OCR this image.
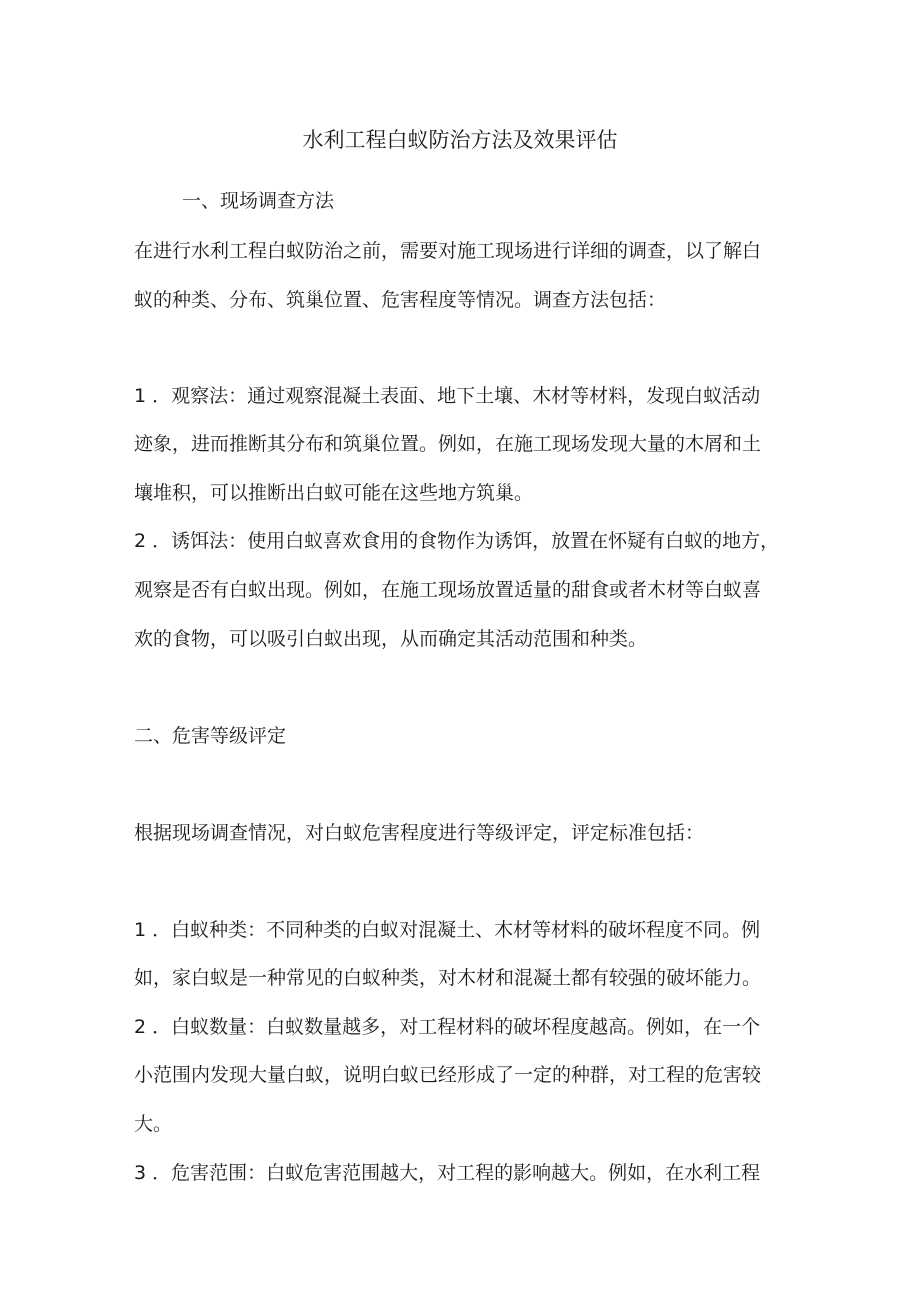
水利工程白蚁防治方法及效果评估
一、现场调查方法
在进行水利工程白蚁防治之前，需要对施工现场进行详细的调查，以了解白
蚁的种类、分布、筑巢位置、危害程度等情况。调查方法包括：
1 ．观察法：通过观察混凝土表面、地下土壤、木材等材料，发现白蚁活动
迹象，进而推断其分布和筑巢位置。例如，在施工现场发现大量的木屑和土
壤堆积，可以推断出白蚁可能在这些地方筑巢。
2 ．诱饵法：使用白蚁喜欢食用的食物作为诱饵，放置在怀疑有白蚁的地方，
观察是否有白蚁出现。例如，在施工现场放置适量的甜食或者木材等白蚁喜
欢的食物，可以吸引白蚁出现，从而确定其活动范围和种类。
二、危害等级评定
根据现场调查情况，对白蚁危害程度进行等级评定，评定标准包括：
1 ．白蚁种类：不同种类的白蚁对混凝土、木材等材料的破坏程度不同。例
如，家白蚁是一种常见的白蚁种类，对木材和混凝土都有较强的破坏能力。
2 ．白蚁数量：白蚁数量越多，对工程材料的破坏程度越高。例如，在一个
小范围内发现大量白蚁，说明白蚁已经形成了一定的种群，对工程的危害较
大。
3 ．危害范围：白蚁危害范围越大，对工程的影响越大。例如，在水利工程
